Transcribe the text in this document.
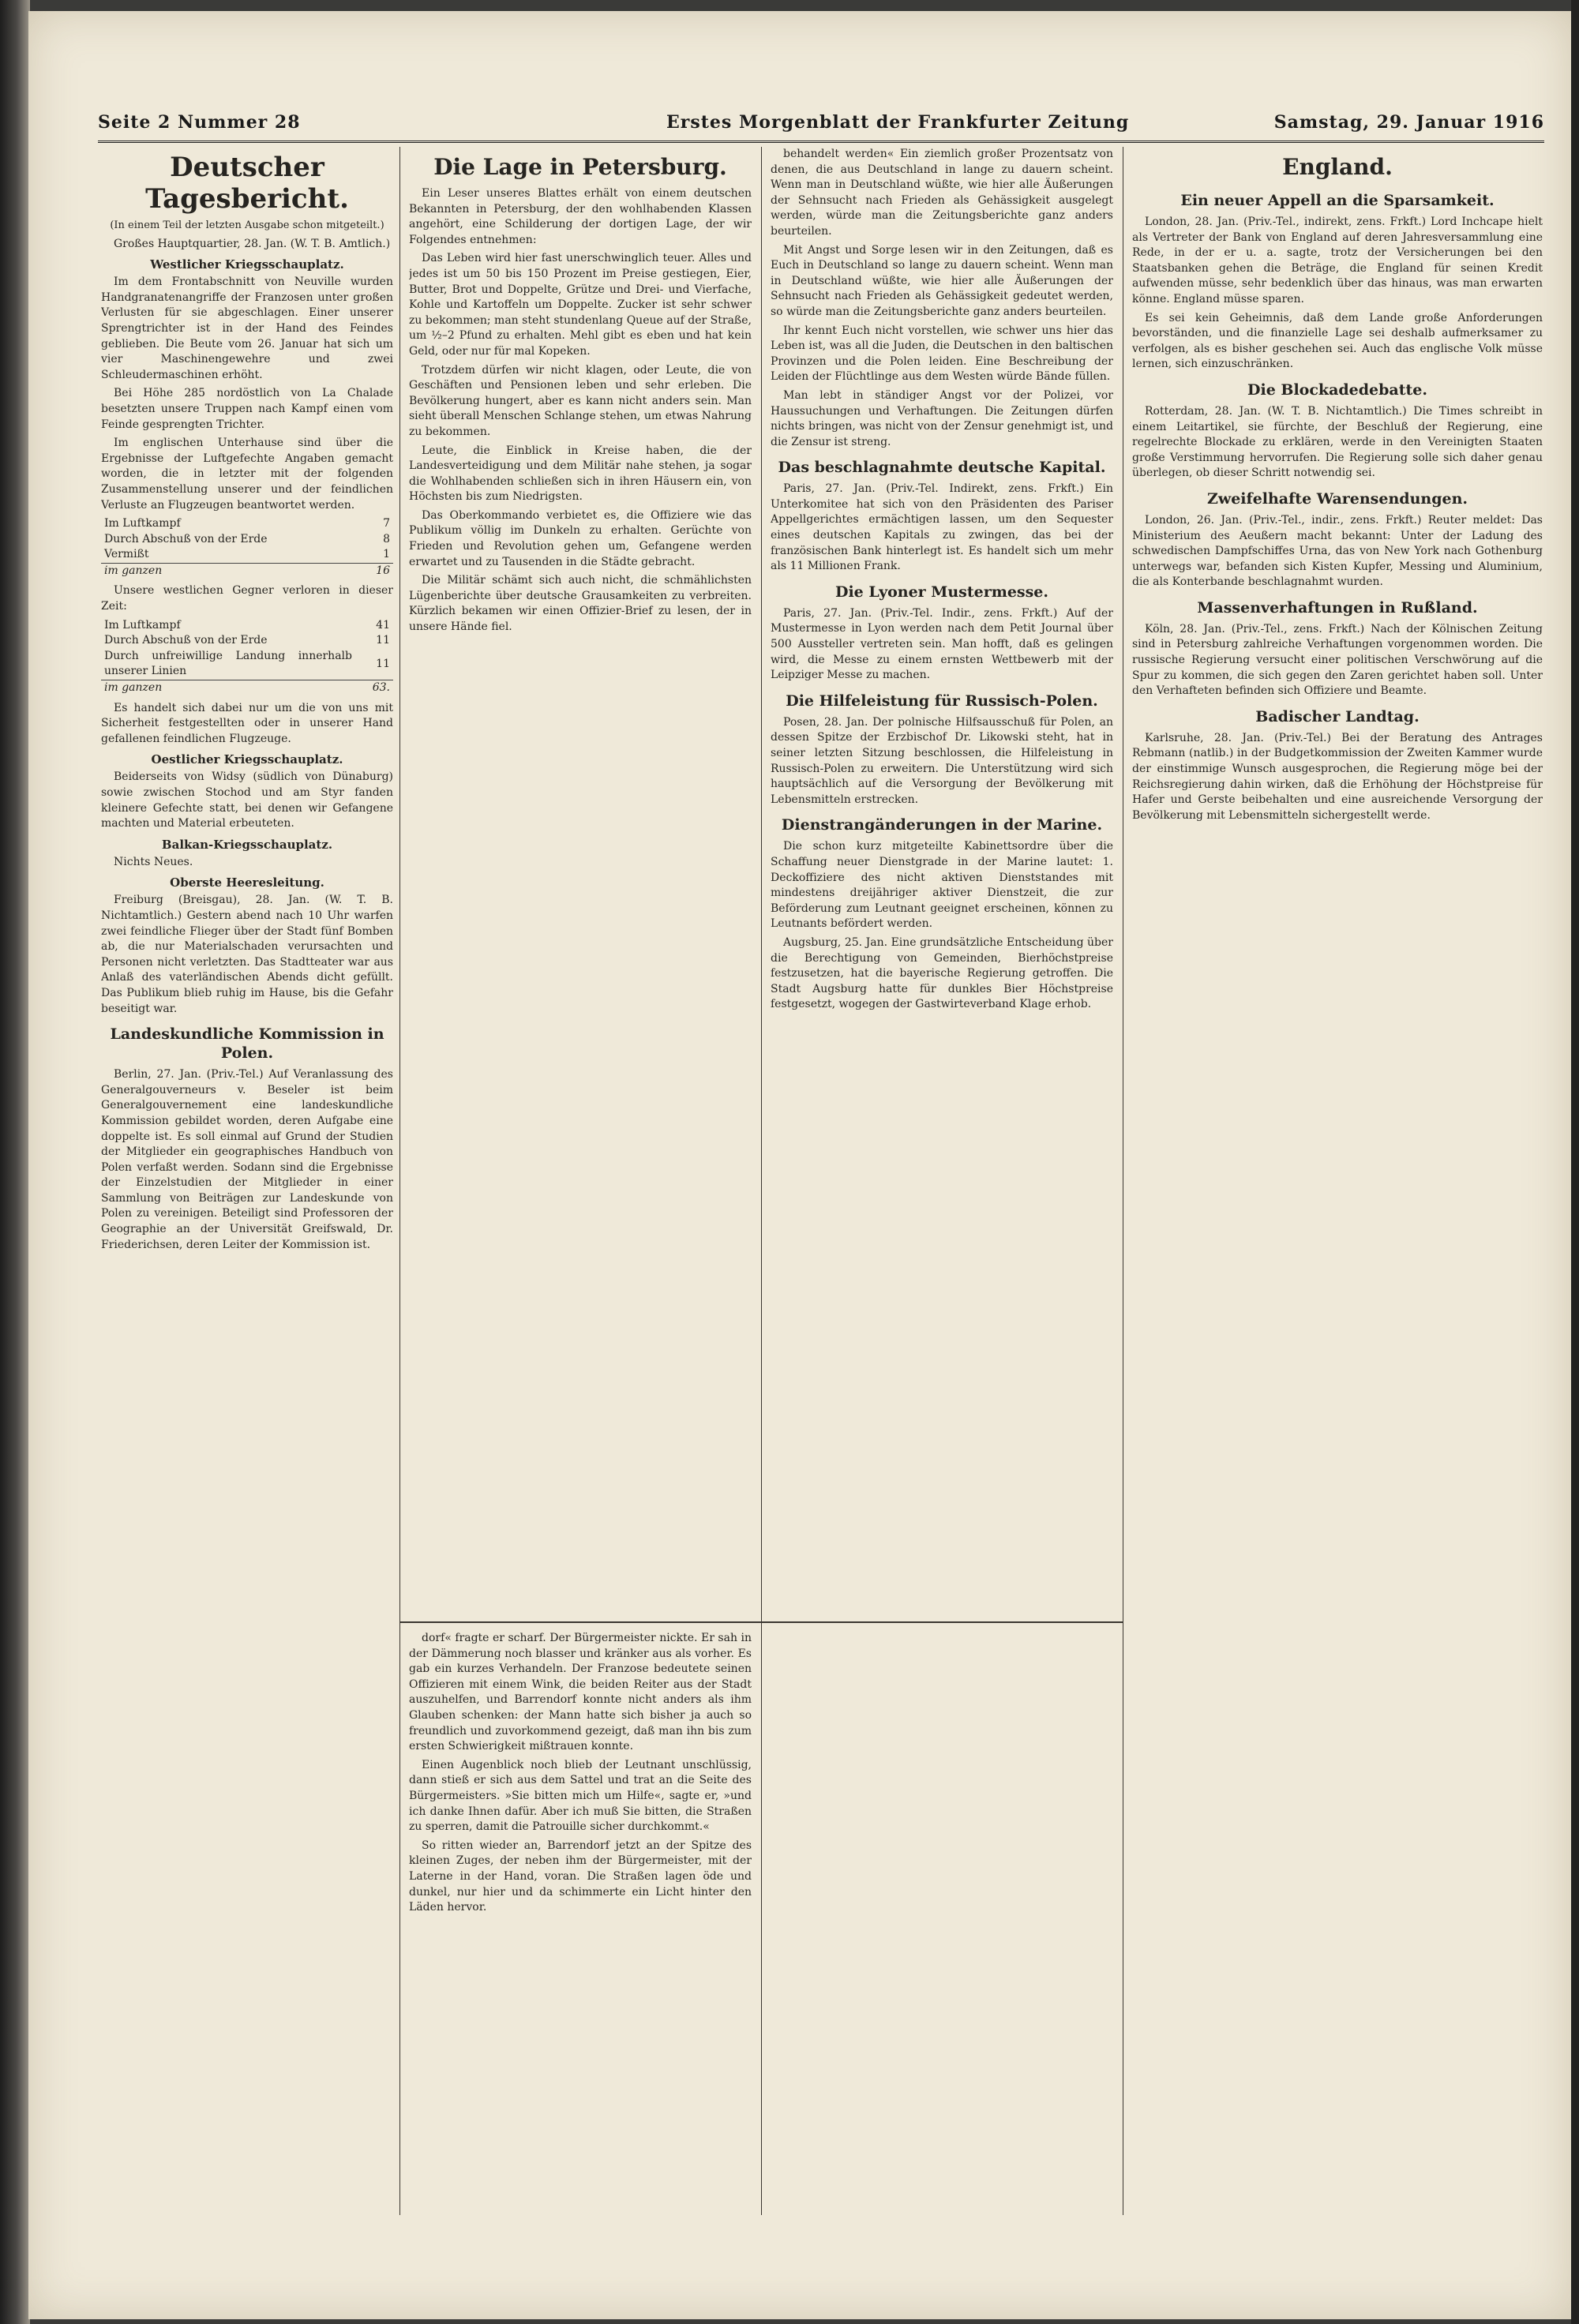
Seite 2 Nummer 28	Erstes Morgenblatt der Frankfurter Zeitung	Samstag, 29. Januar 1916
Deutscher Tagesbericht.
(In einem Teil der letzten Ausgabe schon mitgeteilt.)

Großes Hauptquartier, 28. Jan. (W. T. B. Amtlich.)

Westlicher Kriegsschauplatz.

Im dem Frontabschnitt von Neuville wurden Handgranatenangriffe der Franzosen unter großen Verlusten für sie abgeschlagen. Einer unserer Sprengtrichter ist in der Hand des Feindes geblieben. Die Beute vom 26. Januar hat sich um vier Maschinengewehre und zwei Schleudermaschinen erhöht.

Bei Höhe 285 nordöstlich von La Chalade besetzten unsere Truppen nach Kampf einen vom Feinde gesprengten Trichter.

Im englischen Unterhause sind über die Ergebnisse der Luftgefechte Angaben gemacht worden, die in letzter mit der folgenden Zusammenstellung unserer und der feindlichen Verluste an Flugzeugen beantwortet werden.

Im Luftkampf	7
Durch Abschuß von der Erde	8
Vermißt	1
im ganzen	16

Unsere westlichen Gegner verloren in dieser Zeit:

Im Luftkampf	41
Durch Abschuß von der Erde	11
Durch unfreiwillige Landung innerhalb unserer Linien	11
im ganzen	63.

Es handelt sich dabei nur um die von uns mit Sicherheit festgestellten oder in unserer Hand gefallenen feindlichen Flugzeuge.

Oestlicher Kriegsschauplatz.

Beiderseits von Widsy (südlich von Dünaburg) sowie zwischen Stochod und am Styr fanden kleinere Gefechte statt, bei denen wir Gefangene machten und Material erbeuteten.

Balkan-Kriegsschauplatz.

Nichts Neues.

Oberste Heeresleitung.

Freiburg (Breisgau), 28. Jan. (W. T. B. Nichtamtlich.) Gestern abend nach 10 Uhr warfen zwei feindliche Flieger über der Stadt fünf Bomben ab, die nur Materialschaden verursachten und Personen nicht verletzten. Das Stadtteater war aus Anlaß des vaterländischen Abends dicht gefüllt. Das Publikum blieb ruhig im Hause, bis die Gefahr beseitigt war.

Landeskundliche Kommission in Polen.

Berlin, 27. Jan. (Priv.-Tel.) Auf Veranlassung des Generalgouverneurs v. Beseler ist beim Generalgouvernement eine landeskundliche Kommission gebildet worden, deren Aufgabe eine doppelte ist. Es soll einmal auf Grund der Studien der Mitglieder ein geographisches Handbuch von Polen verfaßt werden. Sodann sind die Ergebnisse der Einzelstudien der Mitglieder in einer Sammlung von Beiträgen zur Landeskunde von Polen zu vereinigen. Beteiligt sind Professoren der Geographie an der Universität Greifswald, Dr. Friederichsen, deren Leiter der Kommission ist.

Die Lage in Petersburg.

Ein Leser unseres Blattes erhält von einem deutschen Bekannten in Petersburg, der den wohlhabenden Klassen angehört, eine Schilderung der dortigen Lage, der wir Folgendes entnehmen:

Das Leben wird hier fast unerschwinglich teuer. Alles und jedes ist um 50 bis 150 Prozent im Preise gestiegen, Eier, Butter, Brot und Doppelte, Grütze und Drei- und Vierfache, Kohle und Kartoffeln um Doppelte. Zucker ist sehr schwer zu bekommen; man steht stundenlang Queue auf der Straße, um ½–2 Pfund zu erhalten. Mehl gibt es eben und hat kein Geld, oder nur für mal Kopeken.

Trotzdem dürfen wir nicht klagen, oder Leute, die von Geschäften und Pensionen leben und sehr erleben. Die Bevölkerung hungert, aber es kann nicht anders sein. Man sieht überall Menschen Schlange stehen, um etwas Nahrung zu bekommen.

Leute, die Einblick in Kreise haben, die der Landesverteidigung und dem Militär nahe stehen, ja sogar die Wohlhabenden schließen sich in ihren Häusern ein, von Höchsten bis zum Niedrigsten.

Das Oberkommando verbietet es, die Offiziere wie das Publikum völlig im Dunkeln zu erhalten. Gerüchte von Frieden und Revolution gehen um, Gefangene werden erwartet und zu Tausenden in die Städte gebracht.

Die Militär schämt sich auch nicht, die schmählichsten Lügenberichte über deutsche Grausamkeiten zu verbreiten. Kürzlich bekamen wir einen Offizier-Brief zu lesen, der in unsere Hände fiel.

dorf« fragte er scharf. Der Bürgermeister nickte. Er sah in der Dämmerung noch blasser und kränker aus als vorher. Es gab ein kurzes Verhandeln. Der Franzose bedeutete seinen Offizieren mit einem Wink, die beiden Reiter aus der Stadt auszuhelfen, und Barrendorf konnte nicht anders als ihm Glauben schenken: der Mann hatte sich bisher ja auch so freundlich und zuvorkommend gezeigt, daß man ihn bis zum ersten Schwierigkeit mißtrauen konnte.

Einen Augenblick noch blieb der Leutnant unschlüssig, dann stieß er sich aus dem Sattel und trat an die Seite des Bürgermeisters. »Sie bitten mich um Hilfe«, sagte er, »und ich danke Ihnen dafür. Aber ich muß Sie bitten, die Straßen zu sperren, damit die Patrouille sicher durchkommt.«

So ritten wieder an, Barrendorf jetzt an der Spitze des kleinen Zuges, der neben ihm der Bürgermeister, mit der Laterne in der Hand, voran. Die Straßen lagen öde und dunkel, nur hier und da schimmerte ein Licht hinter den Läden hervor.

behandelt werden« Ein ziemlich großer Prozentsatz von denen, die aus Deutschland in lange zu dauern scheint. Wenn man in Deutschland wüßte, wie hier alle Äußerungen der Sehnsucht nach Frieden als Gehässigkeit ausgelegt werden, würde man die Zeitungsberichte ganz anders beurteilen.

Mit Angst und Sorge lesen wir in den Zeitungen, daß es Euch in Deutschland so lange zu dauern scheint. Wenn man in Deutschland wüßte, wie hier alle Äußerungen der Sehnsucht nach Frieden als Gehässigkeit gedeutet werden, so würde man die Zeitungsberichte ganz anders beurteilen.

Ihr kennt Euch nicht vorstellen, wie schwer uns hier das Leben ist, was all die Juden, die Deutschen in den baltischen Provinzen und die Polen leiden. Eine Beschreibung der Leiden der Flüchtlinge aus dem Westen würde Bände füllen.

Man lebt in ständiger Angst vor der Polizei, vor Haussuchungen und Verhaftungen. Die Zeitungen dürfen nichts bringen, was nicht von der Zensur genehmigt ist, und die Zensur ist streng.

Das beschlagnahmte deutsche Kapital.

Paris, 27. Jan. (Priv.-Tel. Indirekt, zens. Frkft.) Ein Unterkomitee hat sich von den Präsidenten des Pariser Appellgerichtes ermächtigen lassen, um den Sequester eines deutschen Kapitals zu zwingen, das bei der französischen Bank hinterlegt ist. Es handelt sich um mehr als 11 Millionen Frank.

Die Lyoner Mustermesse.

Paris, 27. Jan. (Priv.-Tel. Indir., zens. Frkft.) Auf der Mustermesse in Lyon werden nach dem Petit Journal über 500 Aussteller vertreten sein. Man hofft, daß es gelingen wird, die Messe zu einem ernsten Wettbewerb mit der Leipziger Messe zu machen.

Die Hilfeleistung für Russisch-Polen.

Posen, 28. Jan. Der polnische Hilfsausschuß für Polen, an dessen Spitze der Erzbischof Dr. Likowski steht, hat in seiner letzten Sitzung beschlossen, die Hilfeleistung in Russisch-Polen zu erweitern. Die Unterstützung wird sich hauptsächlich auf die Versorgung der Bevölkerung mit Lebensmitteln erstrecken.

Dienstrangänderungen in der Marine.

Die schon kurz mitgeteilte Kabinettsordre über die Schaffung neuer Dienstgrade in der Marine lautet: 1. Deckoffiziere des nicht aktiven Dienststandes mit mindestens dreijähriger aktiver Dienstzeit, die zur Beförderung zum Leutnant geeignet erscheinen, können zu Leutnants befördert werden.

Augsburg, 25. Jan. Eine grundsätzliche Entscheidung über die Berechtigung von Gemeinden, Bierhöchstpreise festzusetzen, hat die bayerische Regierung getroffen. Die Stadt Augsburg hatte für dunkles Bier Höchstpreise festgesetzt, wogegen der Gastwirteverband Klage erhob.

England.
Ein neuer Appell an die Sparsamkeit.

London, 28. Jan. (Priv.-Tel., indirekt, zens. Frkft.) Lord Inchcape hielt als Vertreter der Bank von England auf deren Jahresversammlung eine Rede, in der er u. a. sagte, trotz der Versicherungen bei den Staatsbanken gehen die Beträge, die England für seinen Kredit aufwenden müsse, sehr bedenklich über das hinaus, was man erwarten könne. England müsse sparen.

Es sei kein Geheimnis, daß dem Lande große Anforderungen bevorständen, und die finanzielle Lage sei deshalb aufmerksamer zu verfolgen, als es bisher geschehen sei. Auch das englische Volk müsse lernen, sich einzuschränken.

Die Blockadedebatte.

Rotterdam, 28. Jan. (W. T. B. Nichtamtlich.) Die Times schreibt in einem Leitartikel, sie fürchte, der Beschluß der Regierung, eine regelrechte Blockade zu erklären, werde in den Vereinigten Staaten große Verstimmung hervorrufen. Die Regierung solle sich daher genau überlegen, ob dieser Schritt notwendig sei.

Zweifelhafte Warensendungen.

London, 26. Jan. (Priv.-Tel., indir., zens. Frkft.) Reuter meldet: Das Ministerium des Aeußern macht bekannt: Unter der Ladung des schwedischen Dampfschiffes Urna, das von New York nach Gothenburg unterwegs war, befanden sich Kisten Kupfer, Messing und Aluminium, die als Konterbande beschlagnahmt wurden.

Massenverhaftungen in Rußland.

Köln, 28. Jan. (Priv.-Tel., zens. Frkft.) Nach der Kölnischen Zeitung sind in Petersburg zahlreiche Verhaftungen vorgenommen worden. Die russische Regierung versucht einer politischen Verschwörung auf die Spur zu kommen, die sich gegen den Zaren gerichtet haben soll. Unter den Verhafteten befinden sich Offiziere und Beamte.

Badischer Landtag.

Karlsruhe, 28. Jan. (Priv.-Tel.) Bei der Beratung des Antrages Rebmann (natlib.) in der Budgetkommission der Zweiten Kammer wurde der einstimmige Wunsch ausgesprochen, die Regierung möge bei der Reichsregierung dahin wirken, daß die Erhöhung der Höchstpreise für Hafer und Gerste beibehalten und eine ausreichende Versorgung der Bevölkerung mit Lebensmitteln sichergestellt werde.
